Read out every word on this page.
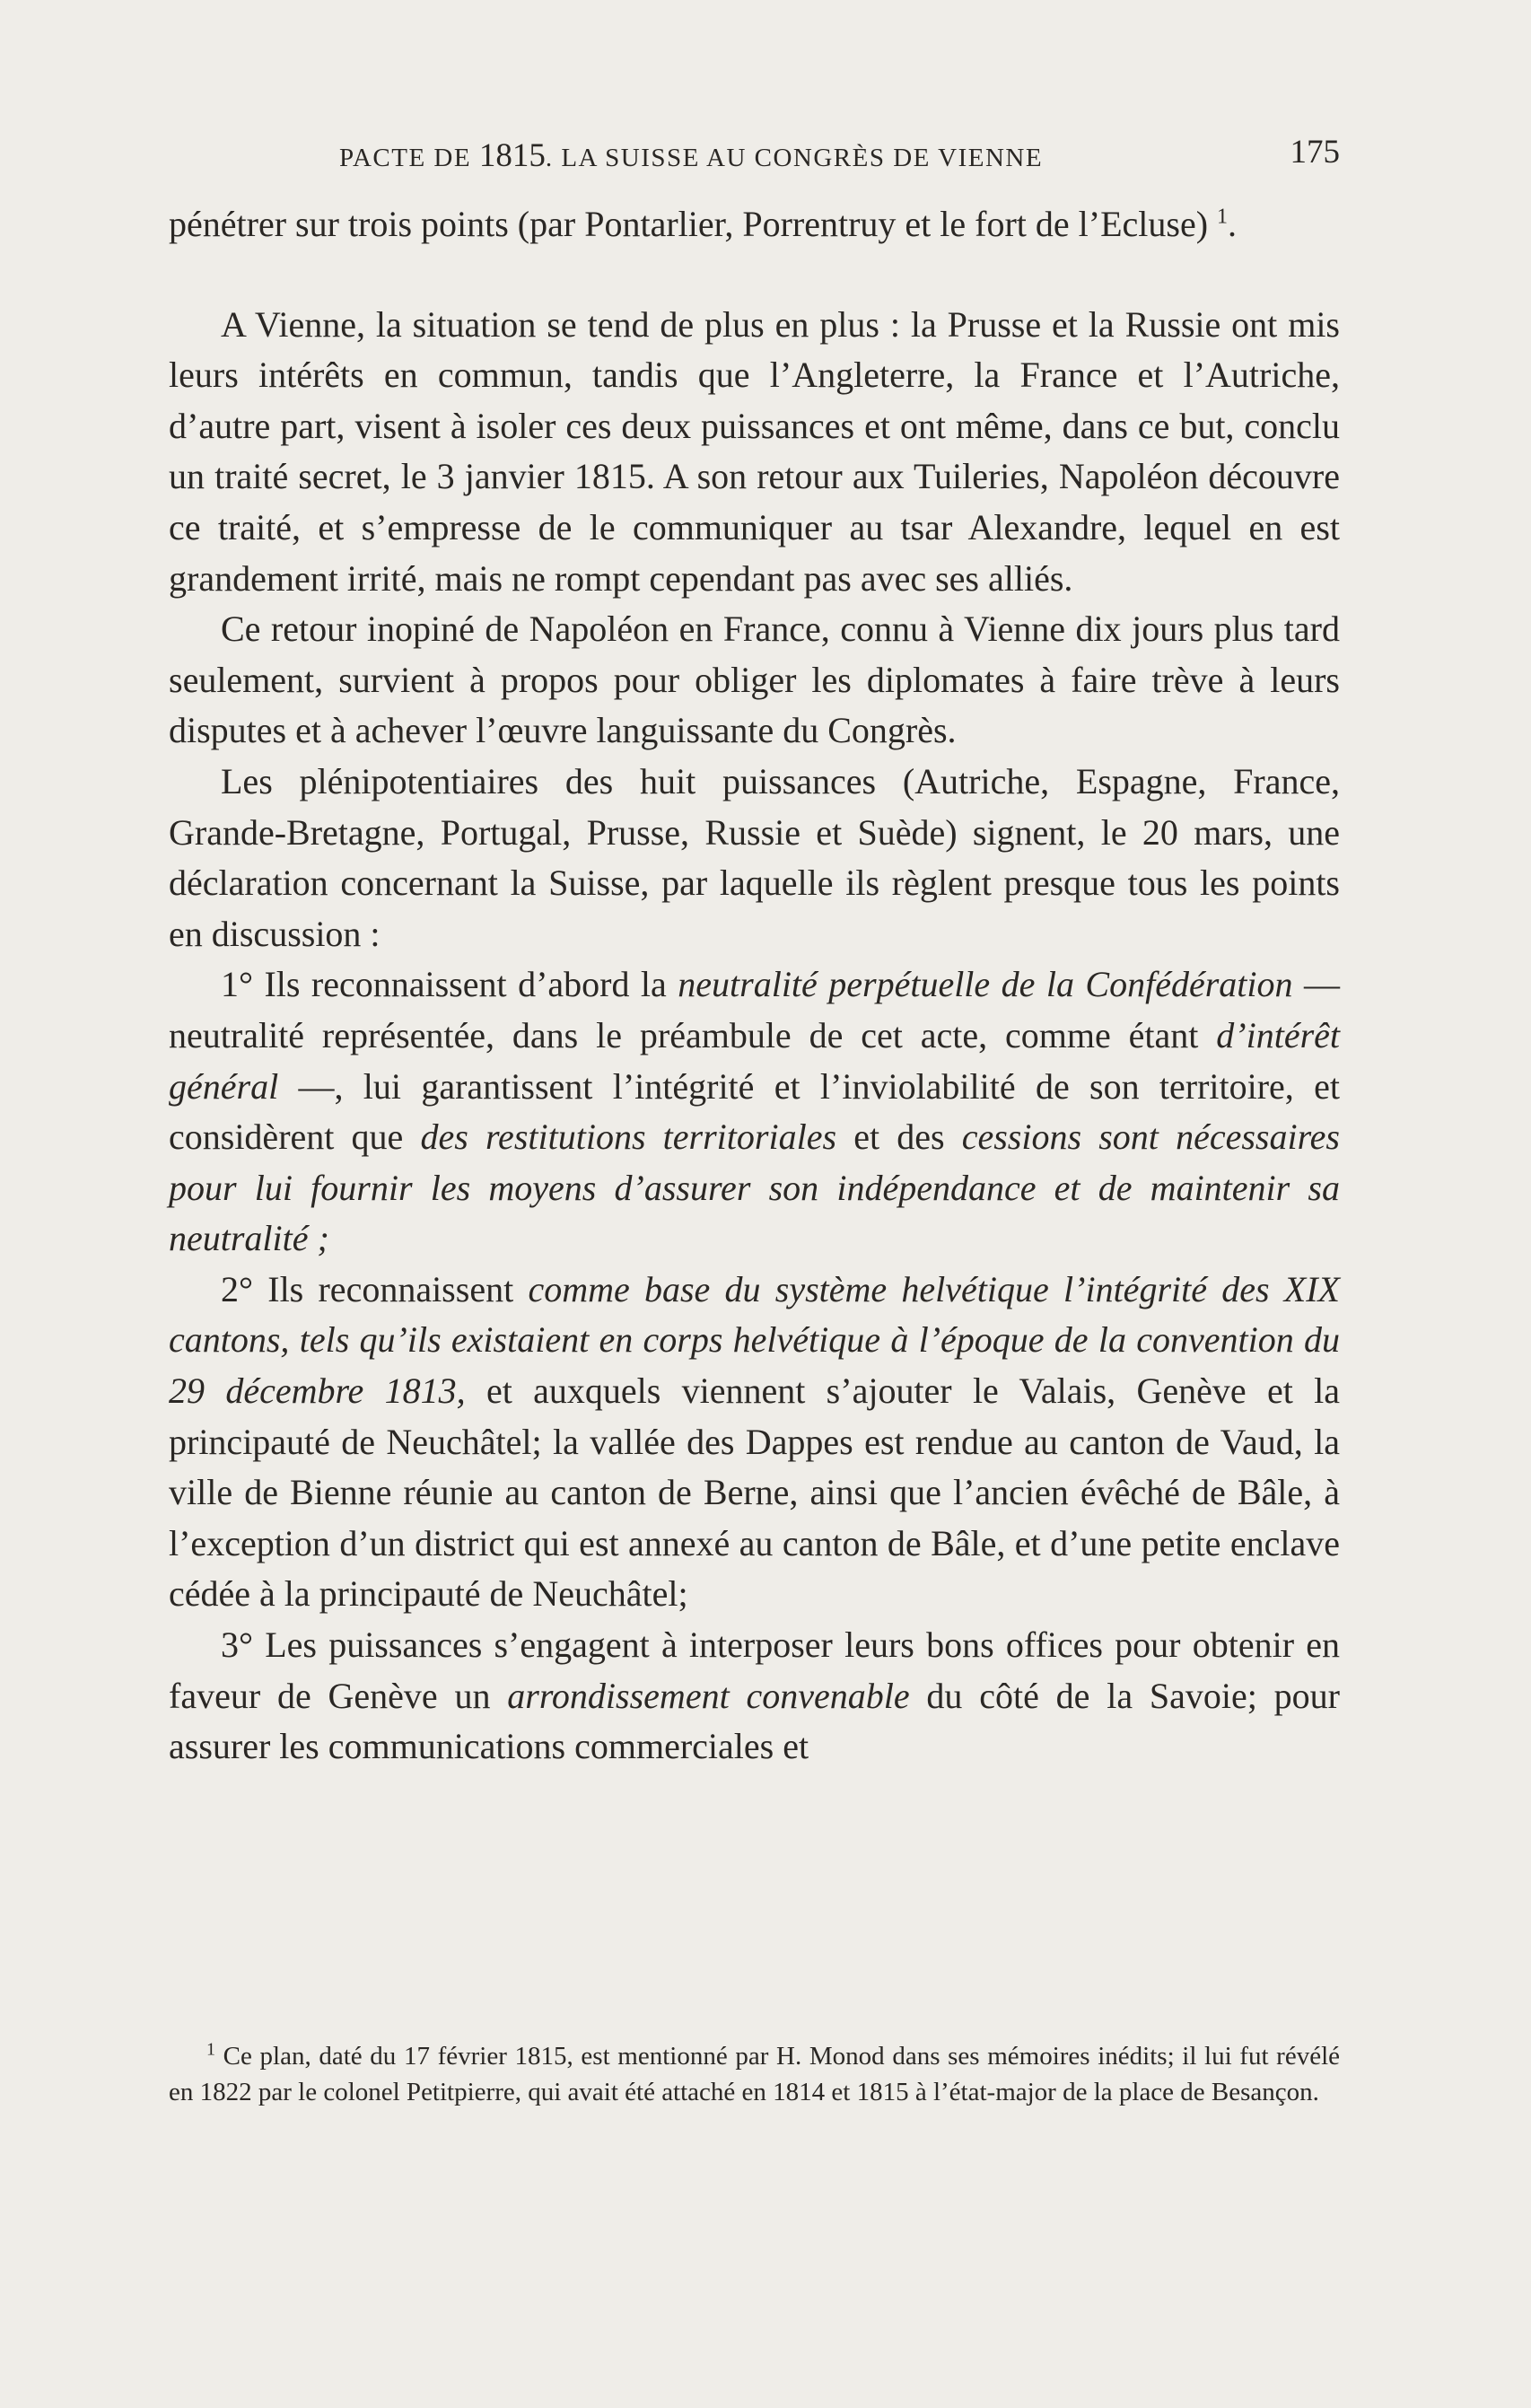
PACTE DE 1815. LA SUISSE AU CONGRÈS DE VIENNE	175

pénétrer sur trois points (par Pontarlier, Porrentruy et le fort de l’Ecluse) $^1$.

A Vienne, la situation se tend de plus en plus : la Prusse et la Russie ont mis leurs intérêts en commun, tandis que l’Angleterre, la France et l’Autriche, d’autre part, visent à isoler ces deux puissances et ont même, dans ce but, conclu un traité secret, le 3 janvier 1815. A son retour aux Tuileries, Napoléon découvre ce traité, et s’empresse de le communiquer au tsar Alexandre, lequel en est grandement irrité, mais ne rompt cependant pas avec ses alliés.

Ce retour inopiné de Napoléon en France, connu à Vienne dix jours plus tard seulement, survient à propos pour obliger les diplomates à faire trève à leurs disputes et à achever l’œuvre languissante du Congrès.

Les plénipotentiaires des huit puissances (Autriche, Espagne, France, Grande-Bretagne, Portugal, Prusse, Russie et Suède) signent, le 20 mars, une déclaration concernant la Suisse, par laquelle ils règlent presque tous les points en discussion :

1° Ils reconnaissent d’abord la neutralité perpétuelle de la Confédération — neutralité représentée, dans le préambule de cet acte, comme étant d’intérêt général —, lui garantissent l’intégrité et l’inviolabilité de son territoire, et considèrent que des restitutions territoriales et des cessions sont nécessaires pour lui fournir les moyens d’assurer son indépendance et de maintenir sa neutralité ;

2° Ils reconnaissent comme base du système helvétique l’intégrité des XIX cantons, tels qu’ils existaient en corps helvétique à l’époque de la convention du 29 décembre 1813, et auxquels viennent s’ajouter le Valais, Genève et la principauté de Neuchâtel; la vallée des Dappes est rendue au canton de Vaud, la ville de Bienne réunie au canton de Berne, ainsi que l’ancien évêché de Bâle, à l’exception d’un district qui est annexé au canton de Bâle, et d’une petite enclave cédée à la principauté de Neuchâtel;

3° Les puissances s’engagent à interposer leurs bons offices pour obtenir en faveur de Genève un arrondissement convenable du côté de la Savoie; pour assurer les communications commerciales et

$^1$ Ce plan, daté du 17 février 1815, est mentionné par H. Monod dans ses mémoires inédits; il lui fut révélé en 1822 par le colonel Petitpierre, qui avait été attaché en 1814 et 1815 à l’état-major de la place de Besançon.
